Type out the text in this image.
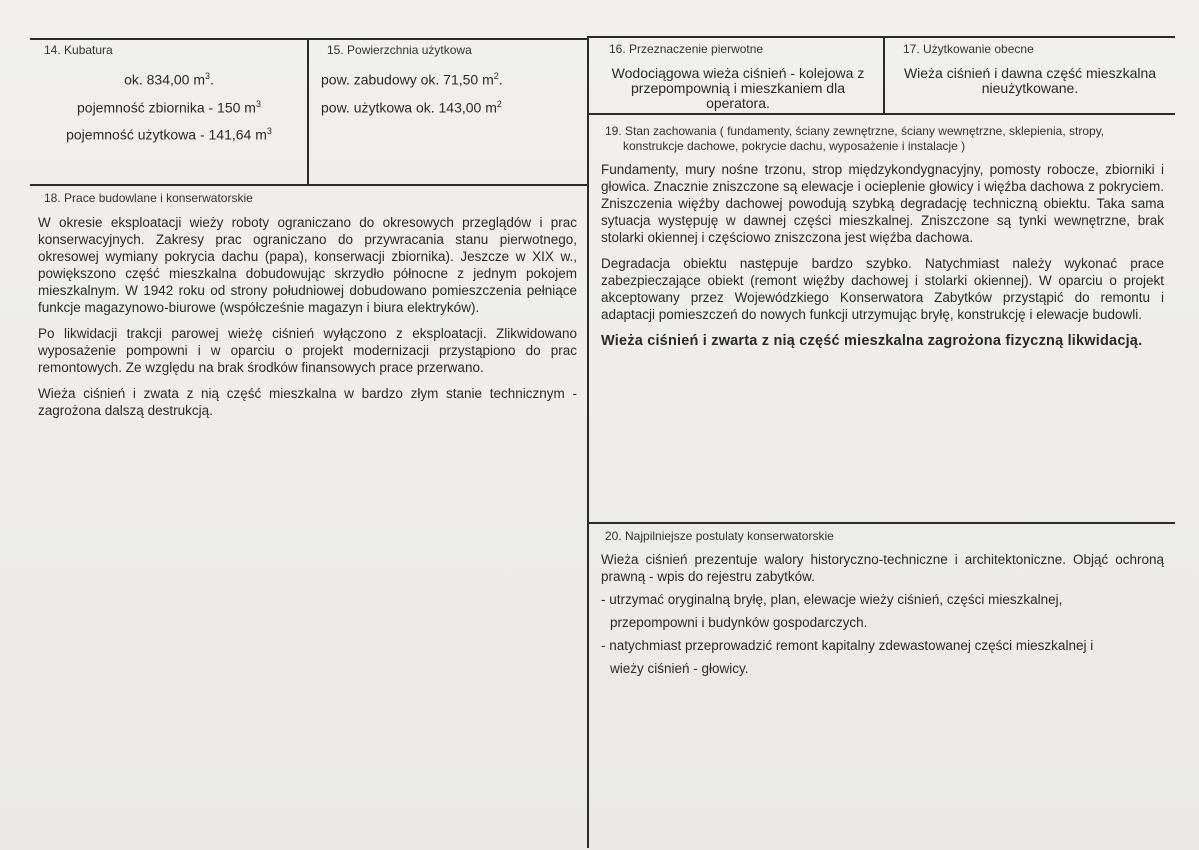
14. Kubatura
ok. 834,00 $m^3$.
pojemność zbiornika - 150 $m^3$
pojemność użytkowa - 141,64 $m^3$
15. Powierzchnia użytkowa
pow. zabudowy ok. 71,50 $m^2$.
pow. użytkowa ok. 143,00 $m^2$
16. Przeznaczenie pierwotne
Wodociągowa wieża ciśnień - kolejowa z przepompownią i mieszkaniem dla operatora.
17. Użytkowanie obecne
Wieża ciśnień i dawna część mieszkalna nieużytkowane.
18. Prace budowlane i konserwatorskie

W okresie eksploatacji wieży roboty ograniczano do okresowych przeglądów i prac konserwacyjnych. Zakresy prac ograniczano do przywracania stanu pierwotnego, okresowej wymiany pokrycia dachu (papa), konserwacji zbiornika). Jeszcze w XIX w., powiększono część mieszkalna dobudowując skrzydło północne z jednym pokojem mieszkalnym. W 1942 roku od strony południowej dobudowano pomieszczenia pełniące funkcje magazynowo-biurowe (współcześnie magazyn i biura elektryków).

Po likwidacji trakcji parowej wieżę ciśnień wyłączono z eksploatacji. Zlikwidowano wyposażenie pompowni i w oparciu o projekt modernizacji przystąpiono do prac remontowych. Ze względu na brak środków finansowych prace przerwano.

Wieża ciśnień i zwata z nią część mieszkalna w bardzo złym stanie technicznym - zagrożona dalszą destrukcją.

19. Stan zachowania ( fundamenty, ściany zewnętrzne, ściany wewnętrzne, sklepienia, stropy,
konstrukcje dachowe, pokrycie dachu, wyposażenie i instalacje )

Fundamenty, mury nośne trzonu, strop międzykondygnacyjny, pomosty robocze, zbiorniki i głowica. Znacznie zniszczone są elewacje i ocieplenie głowicy i więźba dachowa z pokryciem. Zniszczenia więźby dachowej powodują szybką degradację techniczną obiektu. Taka sama sytuacja występuję w dawnej części mieszkalnej. Zniszczone są tynki wewnętrzne, brak stolarki okiennej i częściowo zniszczona jest więźba dachowa.

Degradacja obiektu następuje bardzo szybko. Natychmiast należy wykonać prace zabezpieczające obiekt (remont więźby dachowej i stolarki okiennej). W oparciu o projekt akceptowany przez Wojewódzkiego Konserwatora Zabytków przystąpić do remontu i adaptacji pomieszczeń do nowych funkcji utrzymując bryłę, konstrukcję i elewacje budowli.

Wieża ciśnień i zwarta z nią część mieszkalna zagrożona fizyczną likwidacją.

20. Najpilniejsze postulaty konserwatorskie

Wieża ciśnień prezentuje walory historyczno-techniczne i architektoniczne. Objąć ochroną prawną - wpis do rejestru zabytków.

- utrzymać oryginalną bryłę, plan, elewacje wieży ciśnień, części mieszkalnej,
przepompowni i budynków gospodarczych.
- natychmiast przeprowadzić remont kapitalny zdewastowanej części mieszkalnej i
wieży ciśnień - głowicy.
